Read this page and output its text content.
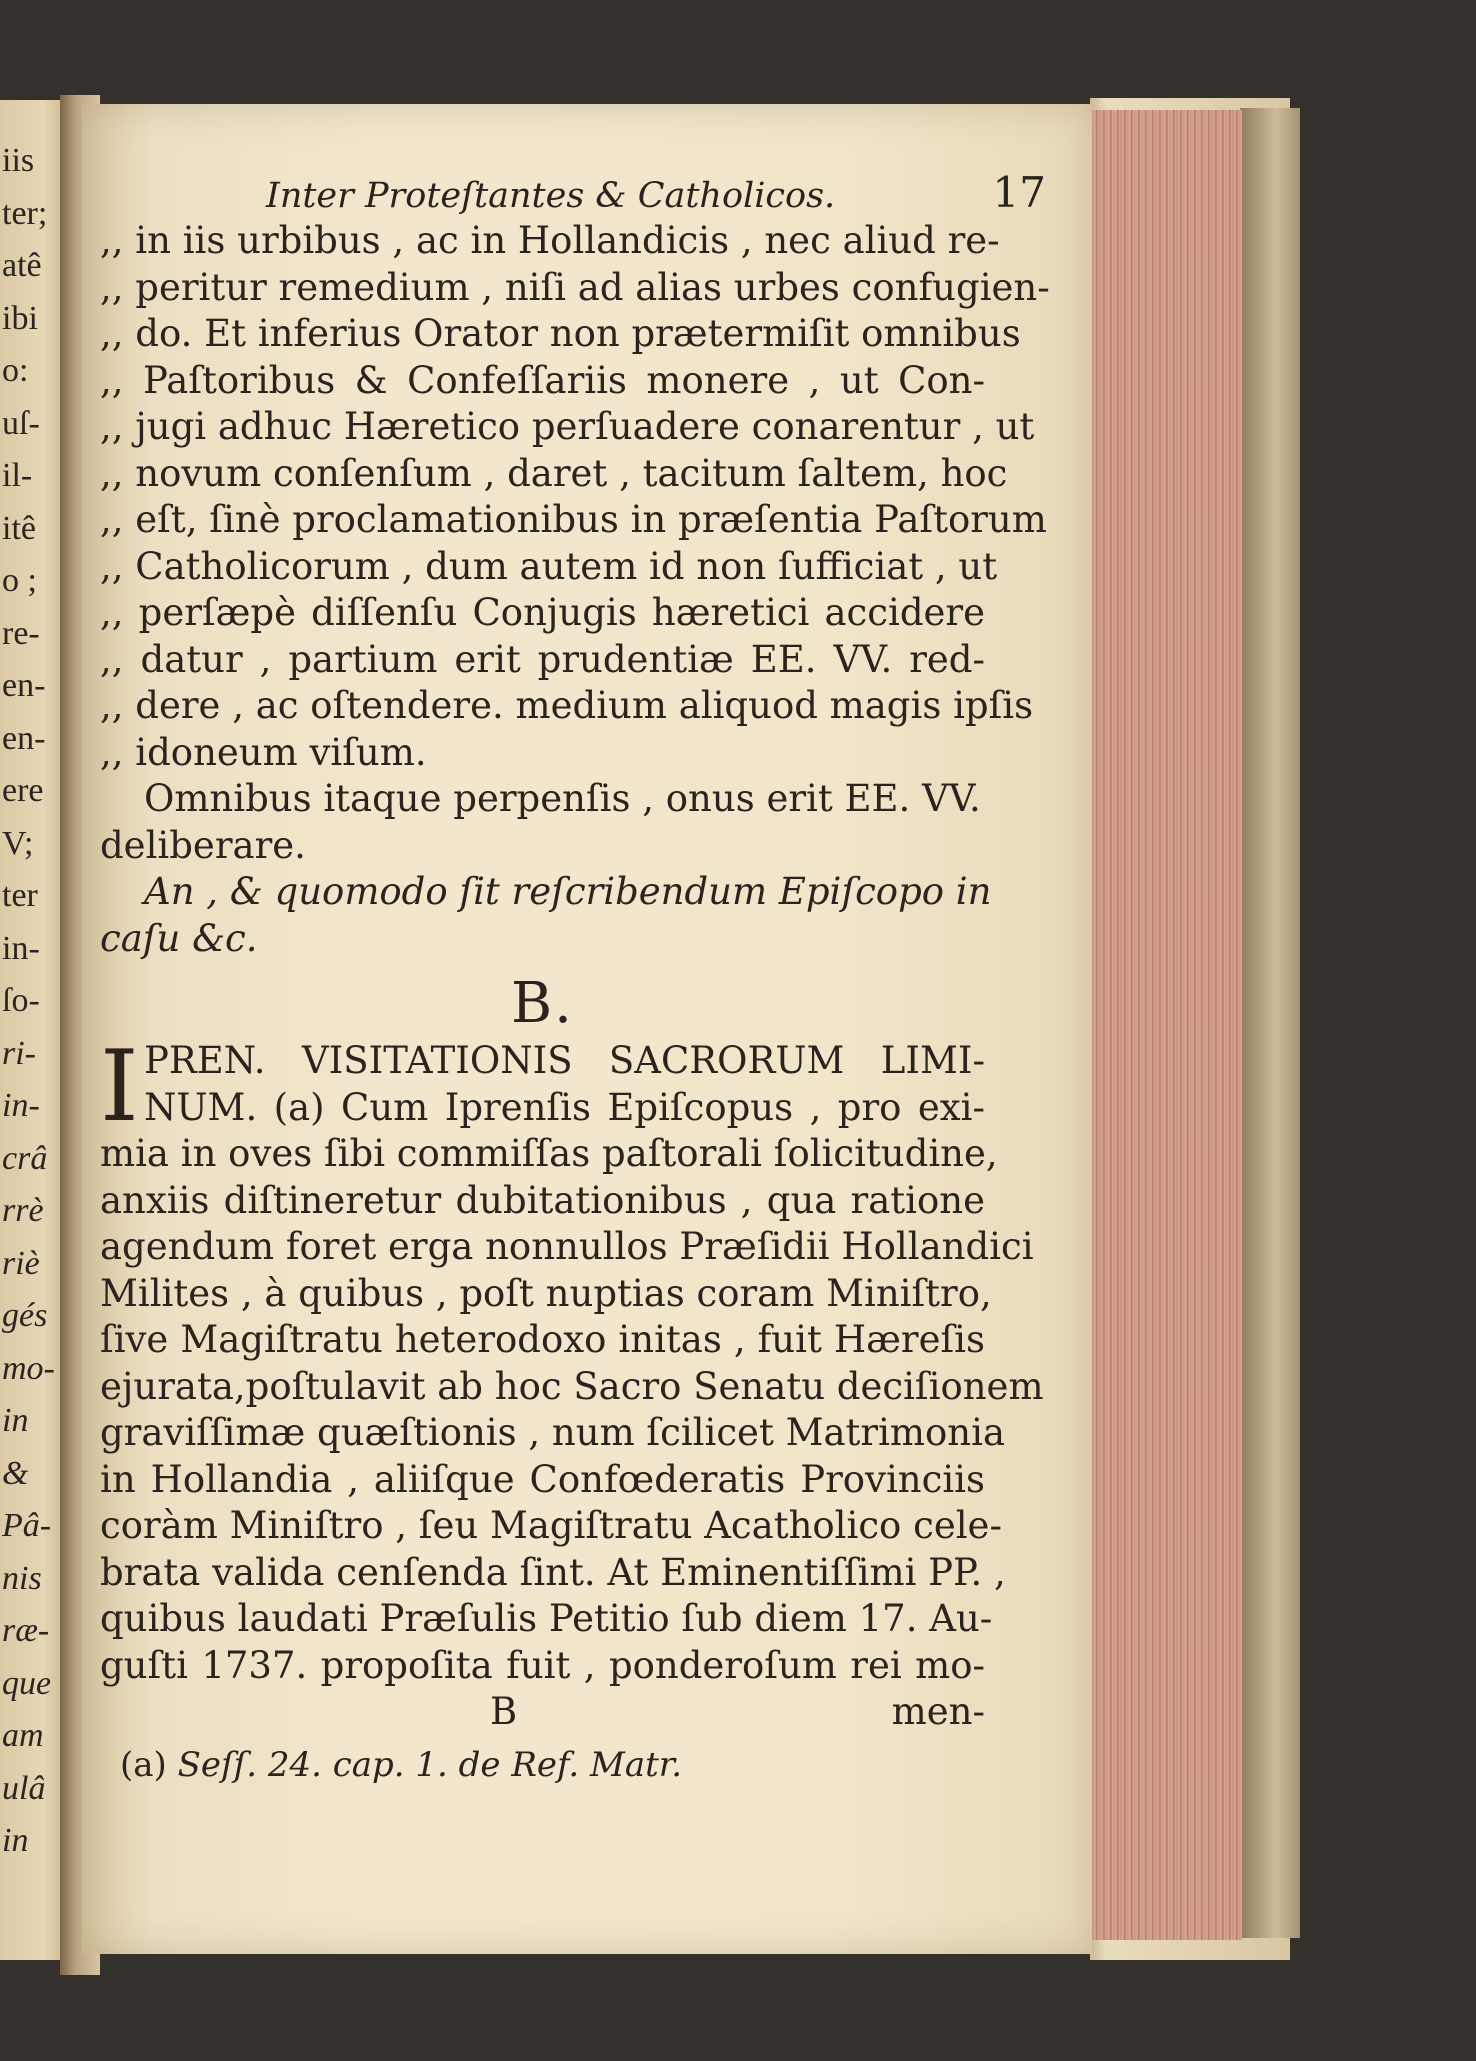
iis
ter;
atê
ibi
o:
uſ-
il-
itê
o ;
re-
en-
en-
ere
V;
ter
in-
ſo-
ri-
in-
crâ
rrè
riè
gés
mo-
in
&
Pâ-
nis
ræ-
que
am
ulâ
in
Inter Proteſtantes & Catholicos.	17
,, in iis urbibus , ac in Hollandicis , nec aliud re-
,, peritur remedium , niſi ad alias urbes confugien-
,, do. Et inferius Orator non prætermiſit omnibus
,, Paſtoribus & Confeſſariis monere , ut Con-
,, jugi adhuc Hæretico perſuadere conarentur , ut
,, novum conſenſum , daret , tacitum ſaltem, hoc
,, eſt, ſinè proclamationibus in præſentia Paſtorum
,, Catholicorum , dum autem id non ſufficiat , ut
,, perſæpè diſſenſu Conjugis hæretici accidere
,, datur , partium erit prudentiæ EE. VV. red-
,, dere , ac oſtendere. medium aliquod magis ipſis
,, idoneum viſum.
Omnibus itaque perpenſis , onus erit EE. VV.
deliberare.
An , & quomodo ſit reſcribendum Epiſcopo in
caſu &c.
B.
I PREN. VISITATIONIS SACRORUM LIMI-
NUM. (a) Cum Iprenſis Epiſcopus , pro exi-
mia in oves ſibi commiſſas paſtorali ſolicitudine,
anxiis diſtineretur dubitationibus , qua ratione
agendum foret erga nonnullos Præſidii Hollandici
Milites , à quibus , poſt nuptias coram Miniſtro,
ſive Magiſtratu heterodoxo initas , fuit Hæreſis
ejurata,poſtulavit ab hoc Sacro Senatu deciſionem
graviſſimæ quæſtionis , num ſcilicet Matrimonia
in Hollandia , aliiſque Confœderatis Provinciis
coràm Miniſtro , ſeu Magiſtratu Acatholico cele-
brata valida cenſenda ſint. At Eminentiſſimi PP. ,
quibus laudati Præſulis Petitio ſub diem 17. Au-
guſti 1737. propoſita fuit , ponderoſum rei mo-
B	men-
(a) Seſſ. 24. cap. 1. de Ref. Matr.
